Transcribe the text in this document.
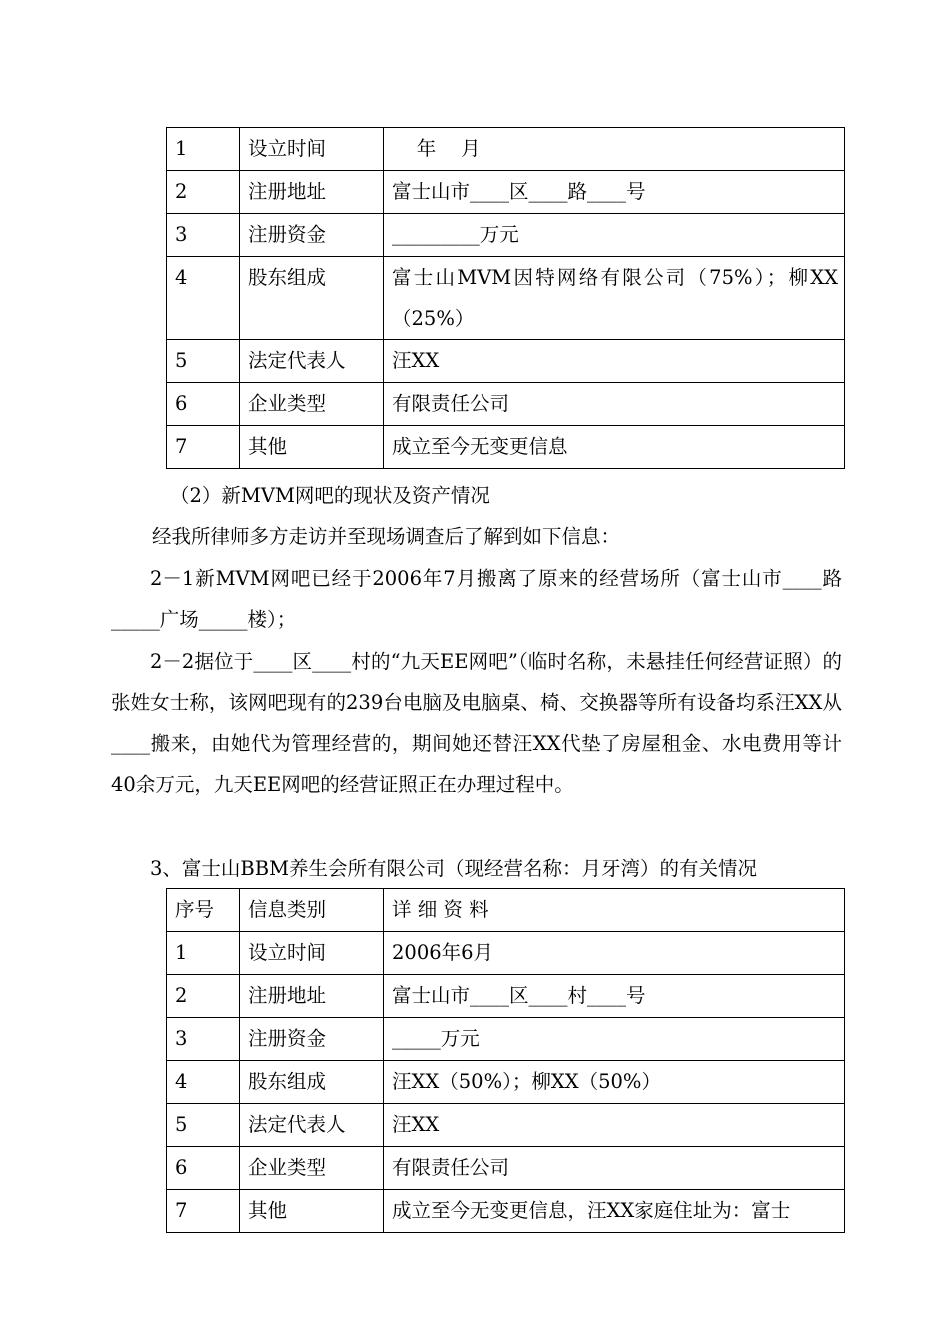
1	设立时间	年    月
2	注册地址	富士山市____区____路____号
3	注册资金	_________万元
4	股东组成	富士山MVM因特网络有限公司（75%）；柳XX（25%）
5	法定代表人	汪XX
6	企业类型	有限责任公司
7	其他	成立至今无变更信息
（2）新MVM网吧的现状及资产情况
经我所律师多方走访并至现场调查后了解到如下信息：
2－1新MVM网吧已经于2006年7月搬离了原来的经营场所（富士山市____路_____广场_____楼）；
2－2据位于____区____村的“九天EE网吧”（临时名称，未悬挂任何经营证照）的张姓女士称，该网吧现有的239台电脑及电脑桌、椅、交换器等所有设备均系汪XX从____搬来，由她代为管理经营的，期间她还替汪XX代垫了房屋租金、水电费用等计40余万元，九天EE网吧的经营证照正在办理过程中。
3、富士山BBM养生会所有限公司（现经营名称：月牙湾）的有关情况
序号	信息类别	详 细 资 料
1	设立时间	2006年6月
2	注册地址	富士山市____区____村____号
3	注册资金	_____万元
4	股东组成	汪XX（50%）；柳XX（50%）
5	法定代表人	汪XX
6	企业类型	有限责任公司
7	其他	成立至今无变更信息，汪XX家庭住址为：富士
